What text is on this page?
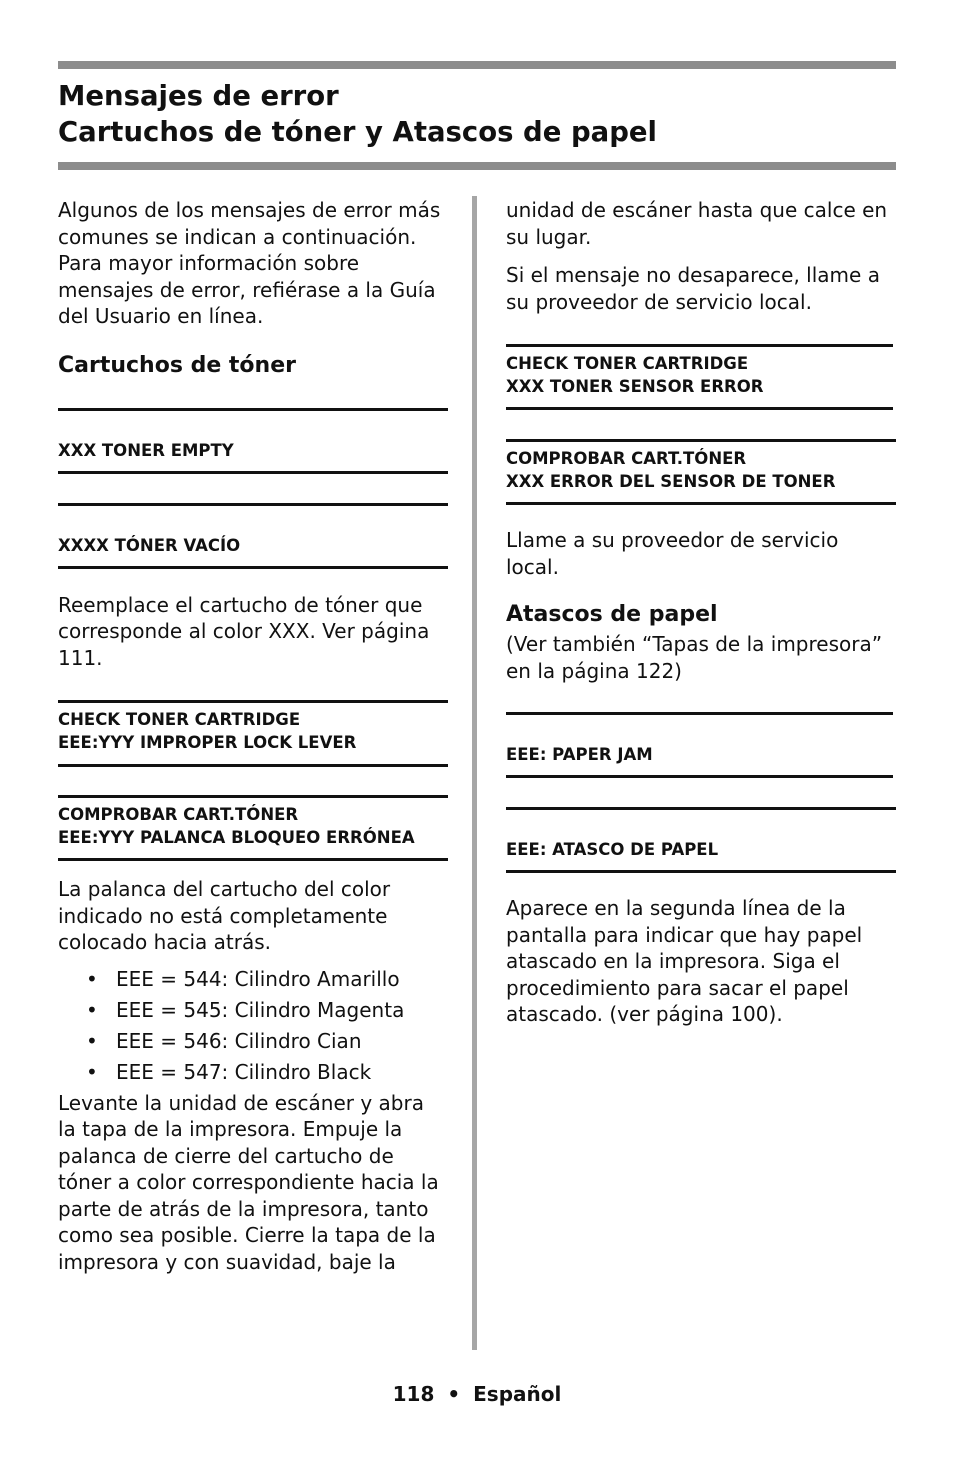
Mensajes de error

Cartuchos de tóner y Atascos de papel

Algunos de los mensajes de error más comunes se indican a continuación. Para mayor información sobre mensajes de error, refiérase a la Guía del Usuario en línea.

Cartuchos de tóner

XXX TONER EMPTY
XXXX TÓNER VACÍO

Reemplace el cartucho de tóner que corresponde al color XXX. Ver página 111.

CHECK TONER CARTRIDGE
EEE:YYY IMPROPER LOCK LEVER
COMPROBAR CART.TÓNER
EEE:YYY PALANCA BLOQUEO ERRÓNEA

La palanca del cartucho del color indicado no está completamente colocado hacia atrás.

• EEE = 544: Cilindro Amarillo
• EEE = 545: Cilindro Magenta
• EEE = 546: Cilindro Cian
• EEE = 547: Cilindro Black

Levante la unidad de escáner y abra la tapa de la impresora. Empuje la palanca de cierre del cartucho de tóner a color correspondiente hacia la parte de atrás de la impresora, tanto como sea posible. Cierre la tapa de la impresora y con suavidad, baje la

unidad de escáner hasta que calce en su lugar.

Si el mensaje no desaparece, llame a su proveedor de servicio local.

CHECK TONER CARTRIDGE
XXX TONER SENSOR ERROR
COMPROBAR CART.TÓNER
XXX ERROR DEL SENSOR DE TONER

Llame a su proveedor de servicio local.

Atascos de papel

(Ver también “Tapas de la impresora” en la página 122)

EEE: PAPER JAM
EEE: ATASCO DE PAPEL

Aparece en la segunda línea de la pantalla para indicar que hay papel atascado en la impresora. Siga el procedimiento para sacar el papel atascado. (ver página 100).

118 • Español
